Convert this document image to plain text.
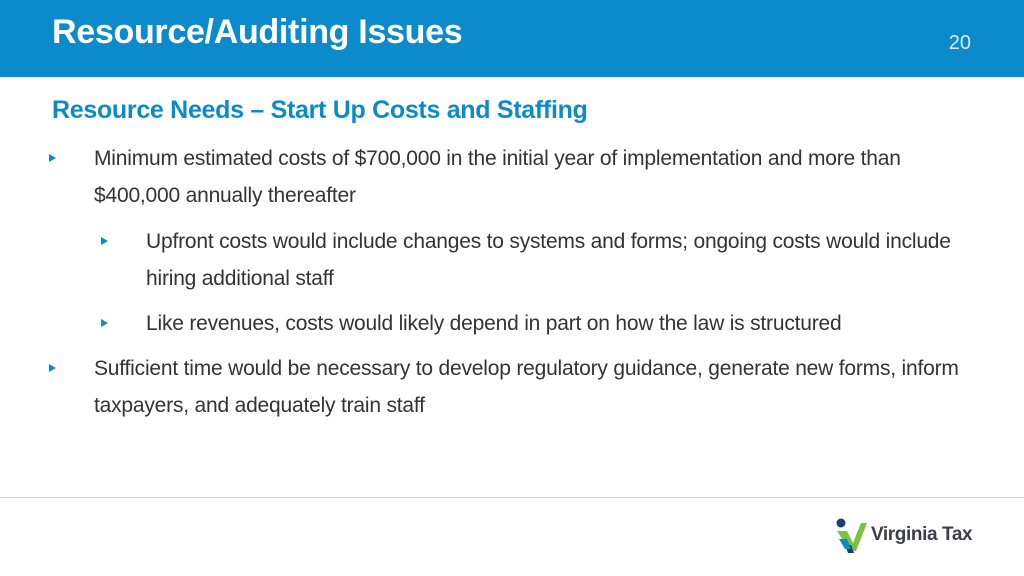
Resource/Auditing Issues	20
Resource Needs – Start Up Costs and Staffing
Minimum estimated costs of $700,000 in the initial year of implementation and more than $400,000 annually thereafter
Upfront costs would include changes to systems and forms; ongoing costs would include hiring additional staff
Like revenues, costs would likely depend in part on how the law is structured
Sufficient time would be necessary to develop regulatory guidance, generate new forms, inform taxpayers, and adequately train staff
Virginia Tax
